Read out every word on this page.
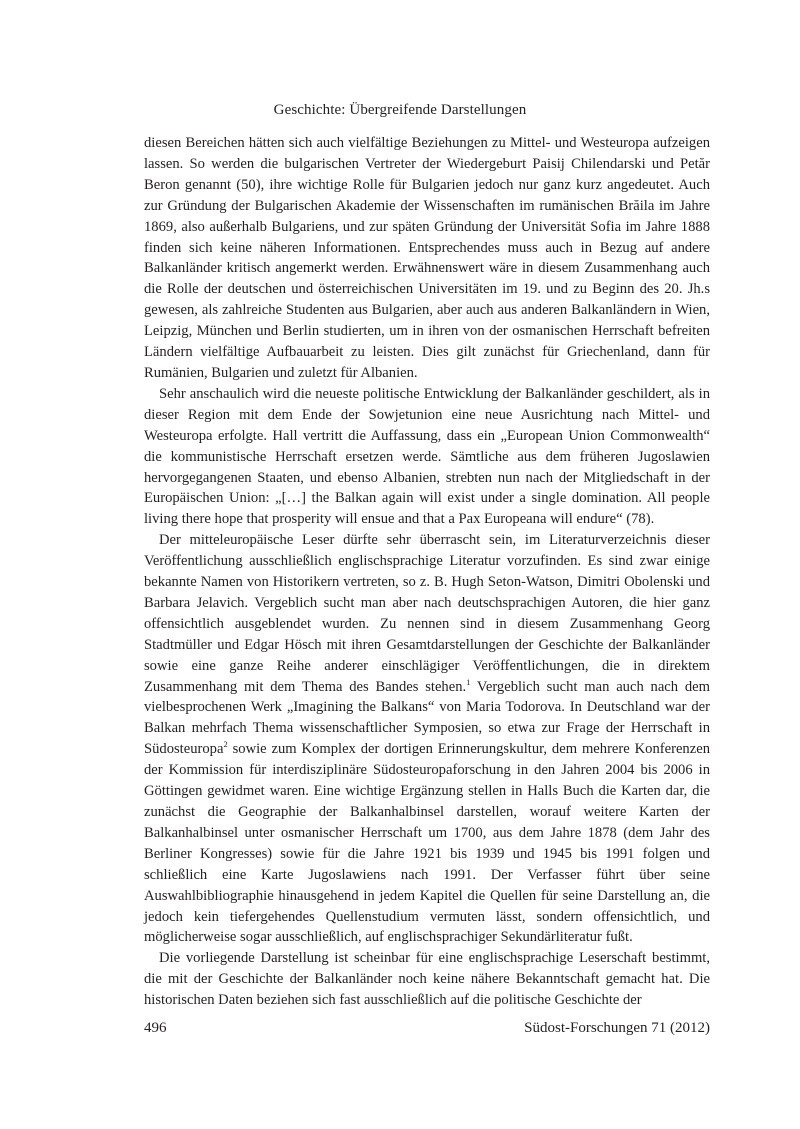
Geschichte: Übergreifende Darstellungen

diesen Bereichen hätten sich auch vielfältige Beziehungen zu Mittel- und Westeuropa aufzeigen lassen. So werden die bulgarischen Vertreter der Wiedergeburt Paisij Chilendarski und Petăr Beron genannt (50), ihre wichtige Rolle für Bulgarien jedoch nur ganz kurz angedeutet. Auch zur Gründung der Bulgarischen Akademie der Wissenschaften im rumänischen Brăila im Jahre 1869, also außerhalb Bulgariens, und zur späten Gründung der Universität Sofia im Jahre 1888 finden sich keine näheren Informationen. Entsprechendes muss auch in Bezug auf andere Balkanländer kritisch angemerkt werden. Erwähnenswert wäre in diesem Zusammenhang auch die Rolle der deutschen und österreichischen Universitäten im 19. und zu Beginn des 20. Jh.s gewesen, als zahlreiche Studenten aus Bulgarien, aber auch aus anderen Balkanländern in Wien, Leipzig, München und Berlin studierten, um in ihren von der osmanischen Herrschaft befreiten Ländern vielfältige Aufbauarbeit zu leisten. Dies gilt zunächst für Griechenland, dann für Rumänien, Bulgarien und zuletzt für Albanien.

Sehr anschaulich wird die neueste politische Entwicklung der Balkanländer geschildert, als in dieser Region mit dem Ende der Sowjetunion eine neue Ausrichtung nach Mittel- und Westeuropa erfolgte. Hall vertritt die Auffassung, dass ein „European Union Commonwealth“ die kommunistische Herrschaft ersetzen werde. Sämtliche aus dem früheren Jugoslawien hervorgegangenen Staaten, und ebenso Albanien, strebten nun nach der Mitgliedschaft in der Europäischen Union: „[…] the Balkan again will exist under a single domination. All people living there hope that prosperity will ensue and that a Pax Europeana will endure“ (78).

Der mitteleuropäische Leser dürfte sehr überrascht sein, im Literaturverzeichnis dieser Veröffentlichung ausschließlich englischsprachige Literatur vorzufinden. Es sind zwar einige bekannte Namen von Historikern vertreten, so z. B. Hugh Seton-Watson, Dimitri Obolenski und Barbara Jelavich. Vergeblich sucht man aber nach deutschsprachigen Autoren, die hier ganz offensichtlich ausgeblendet wurden. Zu nennen sind in diesem Zusammenhang Georg Stadtmüller und Edgar Hösch mit ihren Gesamtdarstellungen der Geschichte der Balkanländer sowie eine ganze Reihe anderer einschlägiger Veröffentlichungen, die in direktem Zusammenhang mit dem Thema des Bandes stehen.$^1$ Vergeblich sucht man auch nach dem vielbesprochenen Werk „Imagining the Balkans“ von Maria Todorova. In Deutschland war der Balkan mehrfach Thema wissenschaftlicher Symposien, so etwa zur Frage der Herrschaft in Südosteuropa$^2$ sowie zum Komplex der dortigen Erinnerungskultur, dem mehrere Konferenzen der Kommission für interdisziplinäre Südosteuropaforschung in den Jahren 2004 bis 2006 in Göttingen gewidmet waren. Eine wichtige Ergänzung stellen in Halls Buch die Karten dar, die zunächst die Geographie der Balkanhalbinsel darstellen, worauf weitere Karten der Balkanhalbinsel unter osmanischer Herrschaft um 1700, aus dem Jahre 1878 (dem Jahr des Berliner Kongresses) sowie für die Jahre 1921 bis 1939 und 1945 bis 1991 folgen und schließlich eine Karte Jugoslawiens nach 1991. Der Verfasser führt über seine Auswahlbibliographie hinausgehend in jedem Kapitel die Quellen für seine Darstellung an, die jedoch kein tiefergehendes Quellenstudium vermuten lässt, sondern offensichtlich, und möglicherweise sogar ausschließlich, auf englischsprachiger Sekundärliteratur fußt.

Die vorliegende Darstellung ist scheinbar für eine englischsprachige Leserschaft bestimmt, die mit der Geschichte der Balkanländer noch keine nähere Bekanntschaft gemacht hat. Die historischen Daten beziehen sich fast ausschließlich auf die politische Geschichte der

496	Südost-Forschungen 71 (2012)
